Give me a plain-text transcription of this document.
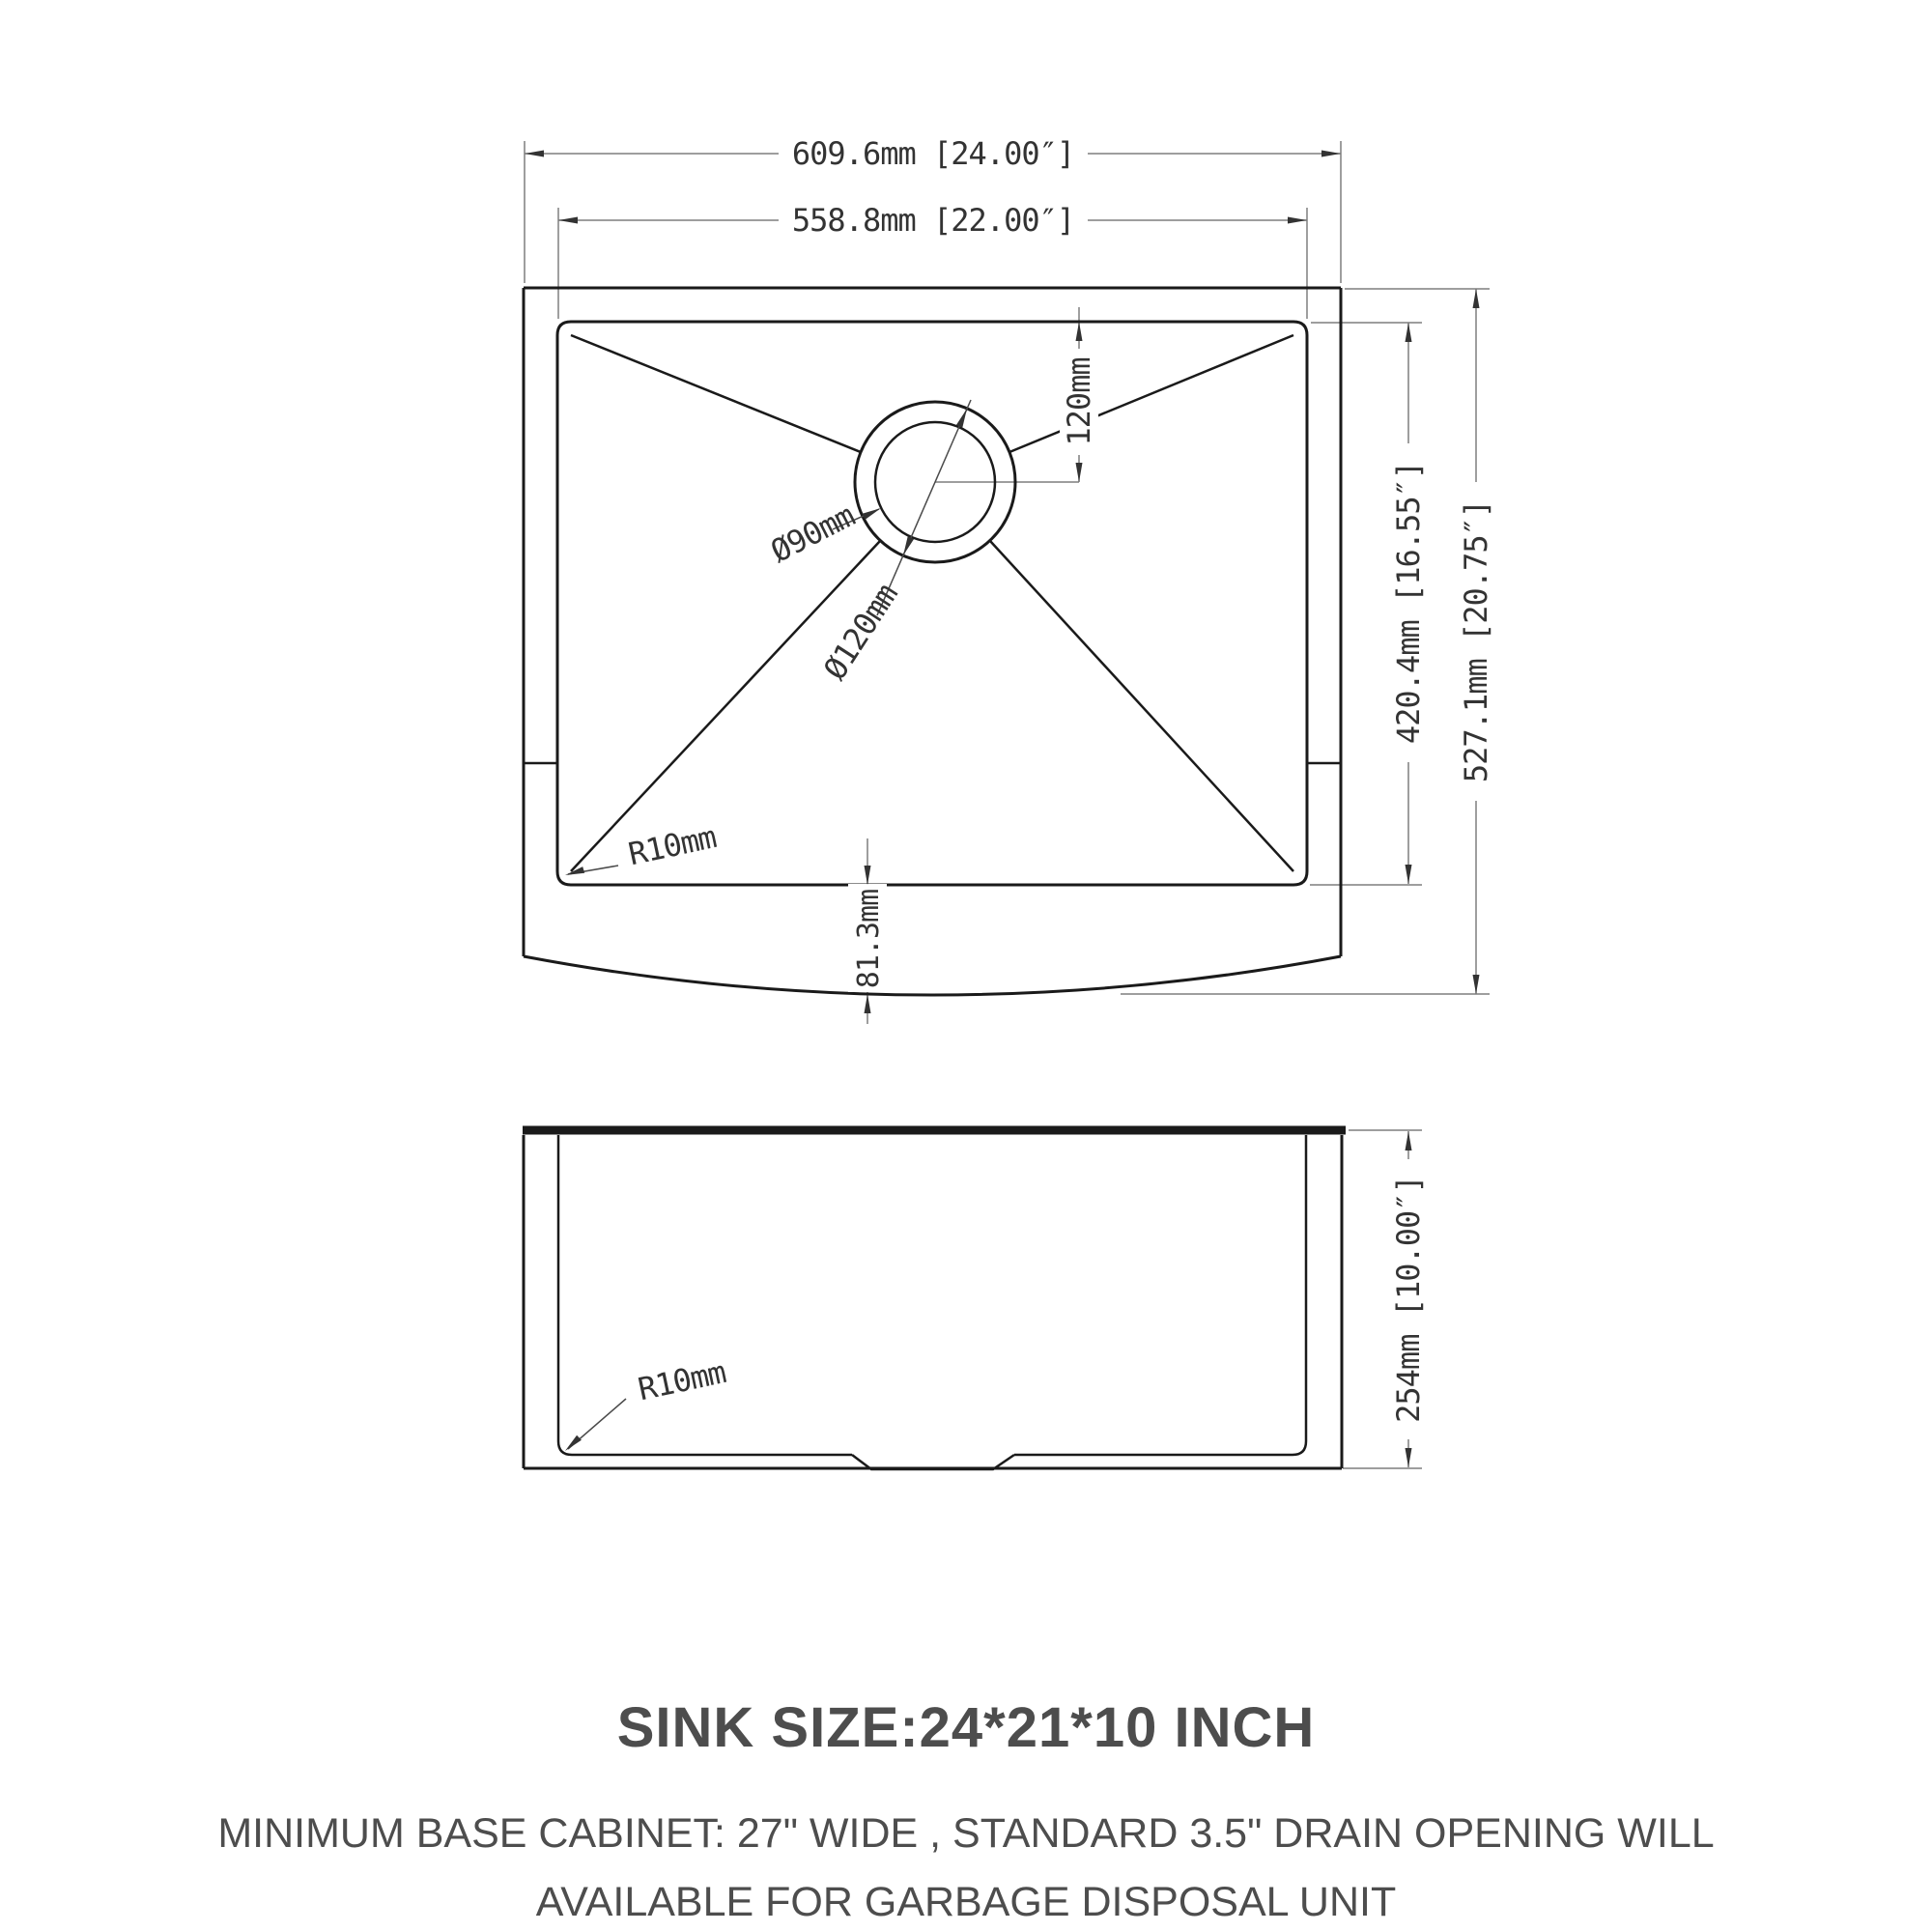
609.6mm [24.00″]
558.8mm [22.00″]
420.4mm [16.55″] 527.1mm [20.75″]
120mm
81.3mm
Ø90mm
Ø120mm
R10mm
254mm [10.00″]
R10mm
SINK SIZE:24*21*10 INCH
MINIMUM BASE CABINET: 27" WIDE , STANDARD 3.5" DRAIN OPENING WILL
AVAILABLE FOR GARBAGE DISPOSAL UNIT
